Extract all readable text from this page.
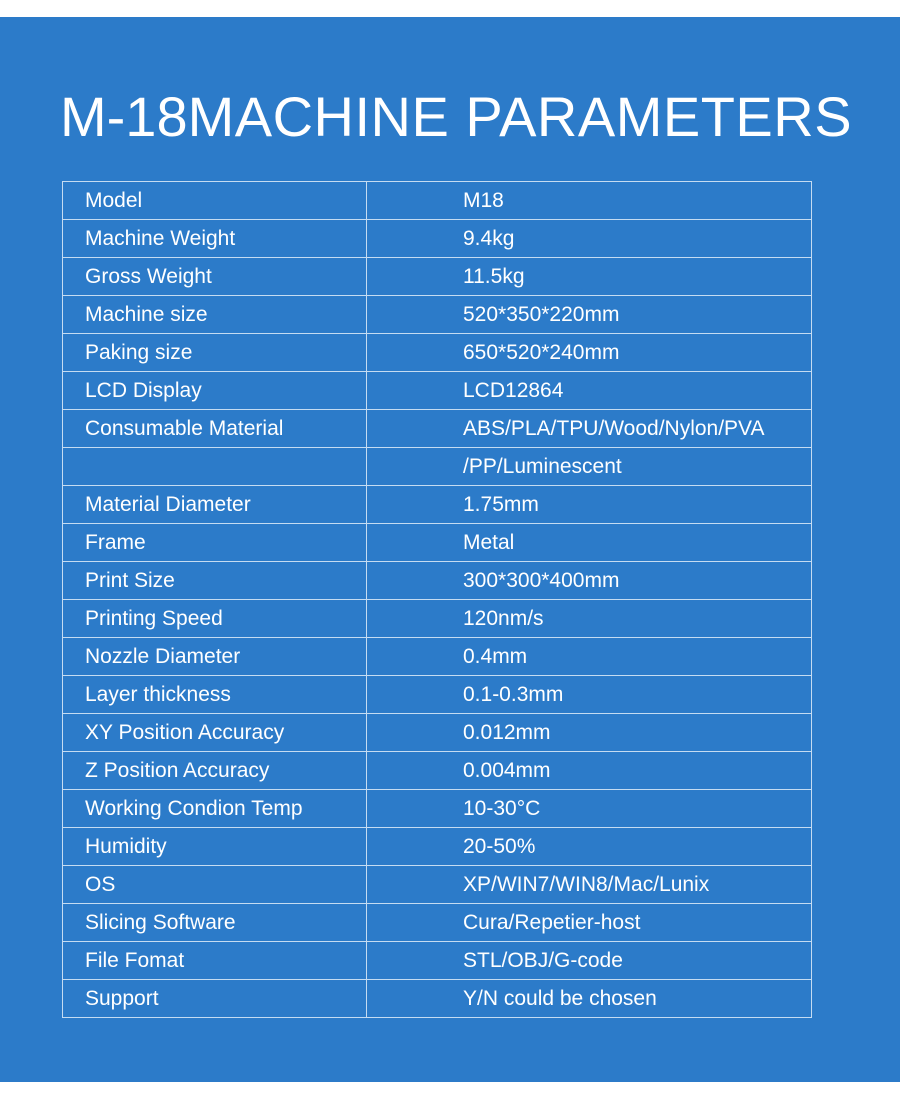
M-18MACHINE PARAMETERS
Model	M18
Machine Weight	9.4kg
Gross Weight	11.5kg
Machine size	520*350*220mm
Paking size	650*520*240mm
LCD Display	LCD12864
Consumable Material	ABS/PLA/TPU/Wood/Nylon/PVA
	/PP/Luminescent
Material Diameter	1.75mm
Frame	Metal
Print Size	300*300*400mm
Printing Speed	120nm/s
Nozzle Diameter	0.4mm
Layer thickness	0.1-0.3mm
XY Position Accuracy	0.012mm
Z Position Accuracy	0.004mm
Working Condion Temp	10-30°C
Humidity	20-50%
OS	XP/WIN7/WIN8/Mac/Lunix
Slicing Software	Cura/Repetier-host
File Fomat	STL/OBJ/G-code
Support	Y/N could be chosen
